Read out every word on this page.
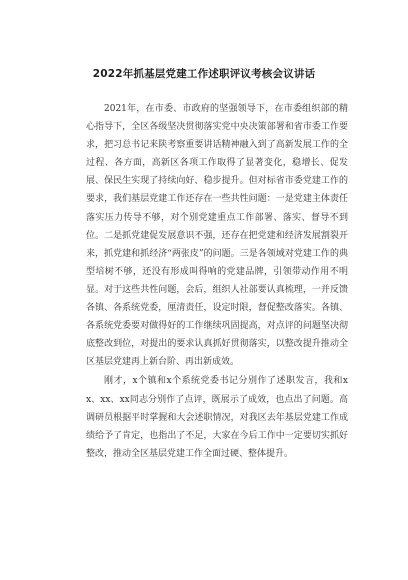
2022年抓基层党建工作述职评议考核会议讲话

2021年，在市委、市政府的坚强领导下，在市委组织部的精心指导下，全区各级坚决贯彻落实党中央决策部署和省市委工作要求，把习总书记来陕考察重要讲话精神融入到了高新发展工作的全过程、各方面，高新区各项工作取得了显著变化，稳增长、促发展、保民生实现了持续向好、稳步提升。但对标省市委党建工作的要求，我们基层党建工作还存在一些共性问题：一是党建主体责任落实压力传导不够，对个别党建重点工作部署、落实、督导不到位。二是抓党建促发展意识不强，还存在把党建和经济发展割裂开来，抓党建和抓经济“两张皮”的问题。三是各领域对党建工作的典型培树不够，还没有形成叫得响的党建品牌，引领带动作用不明显。对于这些共性问题，会后，组织人社部要认真梳理，一并反馈各镇、各系统党委，厘清责任，设定时限，督促整改落实。各镇、各系统党委要对做得好的工作继续巩固提高，对点评的问题坚决彻底整改到位，对提出的要求认真抓好贯彻落实，以整改提升推动全区基层党建再上新台阶、再出新成效。

刚才，x个镇和x个系统党委书记分别作了述职发言，我和xx、xx、xx同志分别作了点评，既展示了成效，也点出了问题。高调研员根据平时掌握和大会述职情况，对我区去年基层党建工作成绩给予了肯定，也指出了不足，大家在今后工作中一定要切实抓好整改，推动全区基层党建工作全面过硬、整体提升。
